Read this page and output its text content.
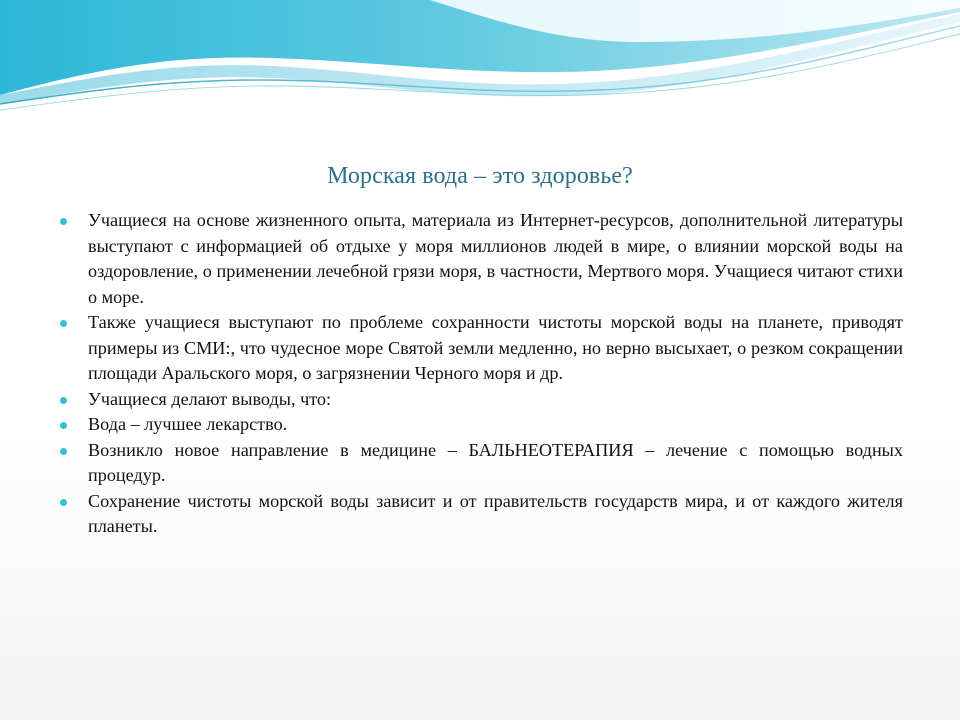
Морская вода – это здоровье?
Учащиеся на основе жизненного опыта, материала из Интернет-ресурсов, дополнительной литературы выступают с информацией об отдыхе у моря миллионов людей в мире, о влиянии морской воды на оздоровление, о применении лечебной грязи моря, в частности, Мертвого моря. Учащиеся читают стихи о море.
Также учащиеся выступают по проблеме сохранности чистоты морской воды на планете, приводят примеры из СМИ:, что чудесное море Святой земли медленно, но верно высыхает, о резком сокращении площади Аральского моря, о загрязнении Черного моря и др.
Учащиеся делают выводы, что:
Вода – лучшее лекарство.
Возникло новое направление в медицине – БАЛЬНЕОТЕРАПИЯ – лечение с помощью водных процедур.
Сохранение чистоты морской воды зависит и от правительств государств мира, и от каждого жителя планеты.
